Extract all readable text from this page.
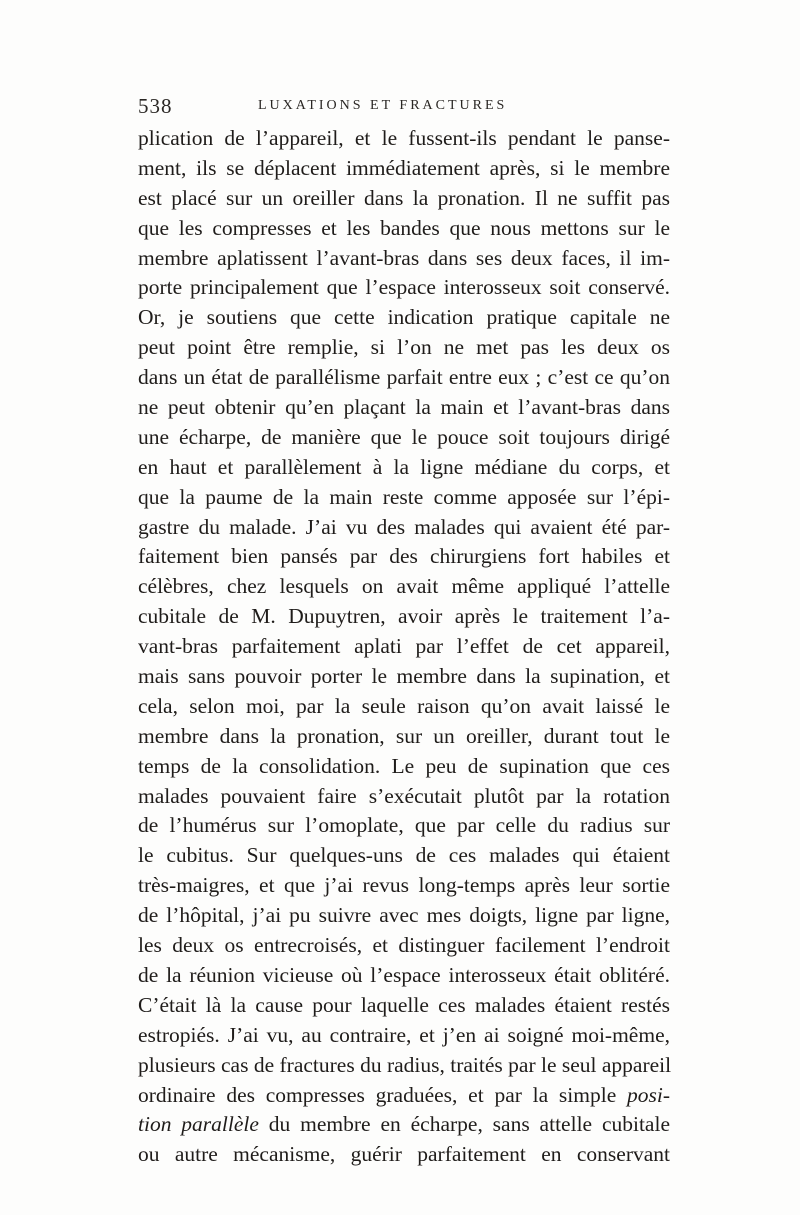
538	LUXATIONS ET FRACTURES
plication de l’appareil, et le fussent-ils pendant le panse-
ment, ils se déplacent immédiatement après, si le membre
est placé sur un oreiller dans la pronation. Il ne suffit pas
que les compresses et les bandes que nous mettons sur le
membre aplatissent l’avant-bras dans ses deux faces, il im-
porte principalement que l’espace interosseux soit conservé.
Or, je soutiens que cette indication pratique capitale ne
peut point être remplie, si l’on ne met pas les deux os
dans un état de parallélisme parfait entre eux ; c’est ce qu’on
ne peut obtenir qu’en plaçant la main et l’avant-bras dans
une écharpe, de manière que le pouce soit toujours dirigé
en haut et parallèlement à la ligne médiane du corps, et
que la paume de la main reste comme apposée sur l’épi-
gastre du malade. J’ai vu des malades qui avaient été par-
faitement bien pansés par des chirurgiens fort habiles et
célèbres, chez lesquels on avait même appliqué l’attelle
cubitale de M. Dupuytren, avoir après le traitement l’a-
vant-bras parfaitement aplati par l’effet de cet appareil,
mais sans pouvoir porter le membre dans la supination, et
cela, selon moi, par la seule raison qu’on avait laissé le
membre dans la pronation, sur un oreiller, durant tout le
temps de la consolidation. Le peu de supination que ces
malades pouvaient faire s’exécutait plutôt par la rotation
de l’humérus sur l’omoplate, que par celle du radius sur
le cubitus. Sur quelques-uns de ces malades qui étaient
très-maigres, et que j’ai revus long-temps après leur sortie
de l’hôpital, j’ai pu suivre avec mes doigts, ligne par ligne,
les deux os entrecroisés, et distinguer facilement l’endroit
de la réunion vicieuse où l’espace interosseux était oblitéré.
C’était là la cause pour laquelle ces malades étaient restés
estropiés. J’ai vu, au contraire, et j’en ai soigné moi-même,
plusieurs cas de fractures du radius, traités par le seul appareil
ordinaire des compresses graduées, et par la simple posi-
tion parallèle du membre en écharpe, sans attelle cubitale
ou autre mécanisme, guérir parfaitement en conservant
